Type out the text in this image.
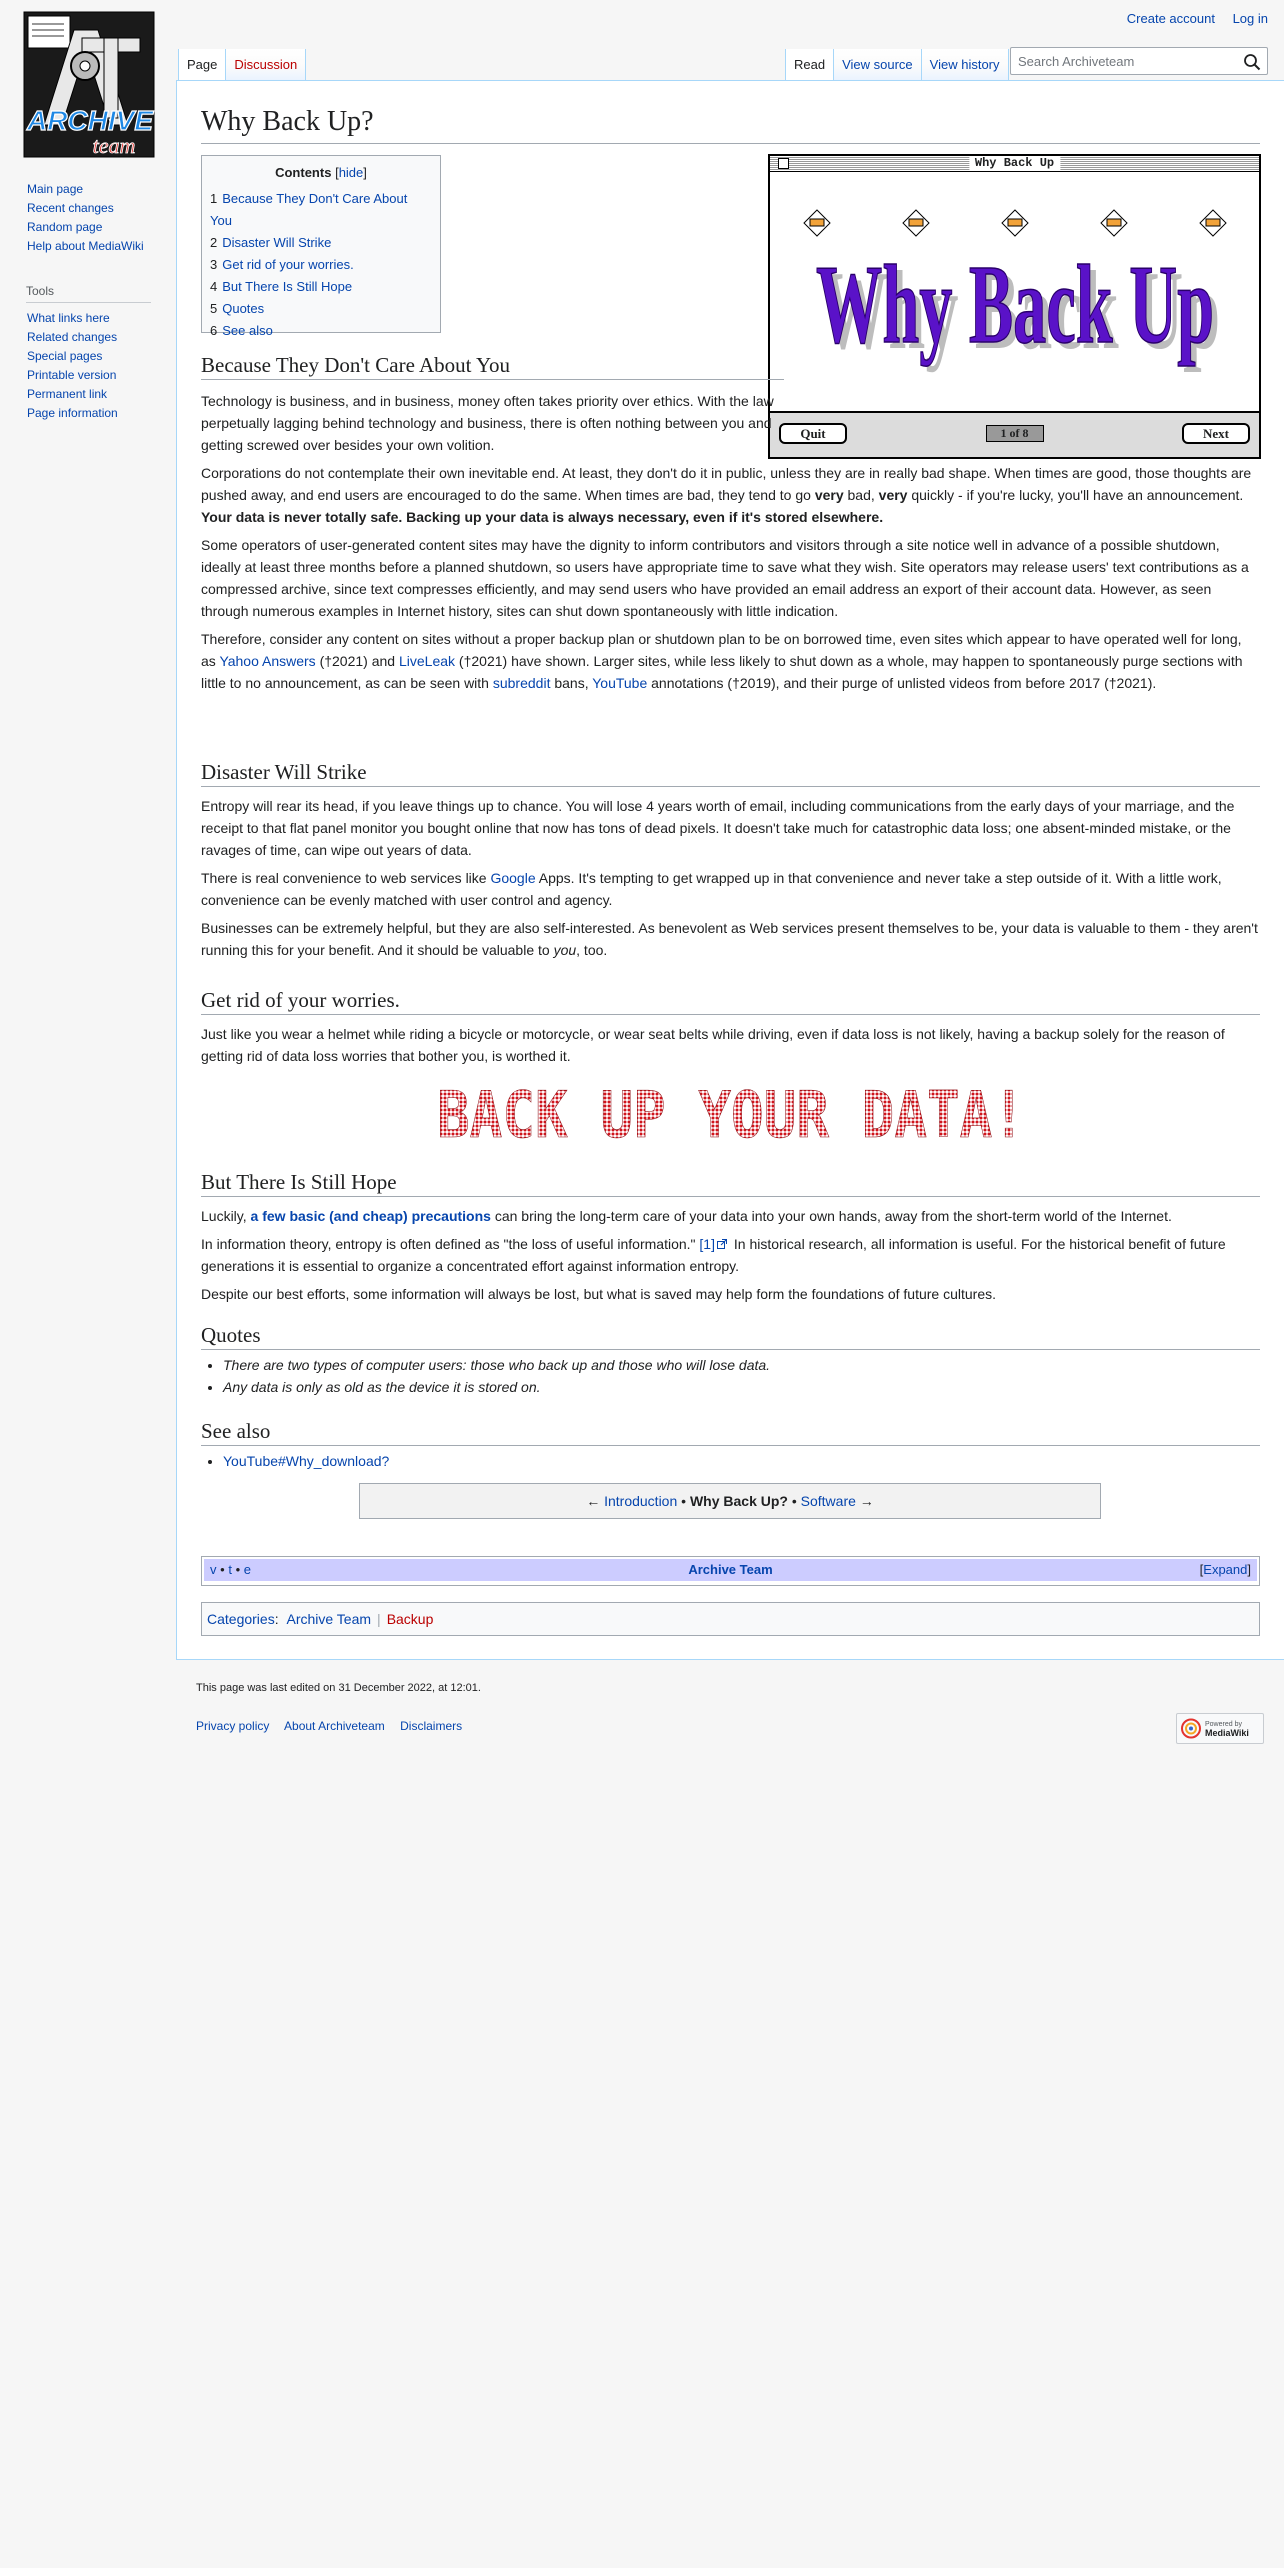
ARCHIVE
team
Create account Log in
Page	Discussion	Read	View source	View history
Search Archiveteam
Main page
Recent changes
Random page
Help about MediaWiki
Tools
What links here
Related changes
Special pages
Printable version
Permanent link
Page information
Why Back Up?
Contents [hide]
1 Because They Don't Care About You
2 Disaster Will Strike
3 Get rid of your worries.
4 But There Is Still Hope
5 Quotes
6 See also
Why Back Up
Why Back Up
Why Back Up
Quit	1 of 8	Next
Because They Don't Care About You

Technology is business, and in business, money often takes priority over ethics. With the law perpetually lagging behind technology and business, there is often nothing between you and getting screwed over besides your own volition.

Corporations do not contemplate their own inevitable end. At least, they don't do it in public, unless they are in really bad shape. When times are good, those thoughts are pushed away, and end users are encouraged to do the same. When times are bad, they tend to go very bad, very quickly - if you're lucky, you'll have an announcement. Your data is never totally safe. Backing up your data is always necessary, even if it's stored elsewhere.

Some operators of user-generated content sites may have the dignity to inform contributors and visitors through a site notice well in advance of a possible shutdown, ideally at least three months before a planned shutdown, so users have appropriate time to save what they wish. Site operators may release users' text contributions as a compressed archive, since text compresses efficiently, and may send users who have provided an email address an export of their account data. However, as seen through numerous examples in Internet history, sites can shut down spontaneously with little indication.

Therefore, consider any content on sites without a proper backup plan or shutdown plan to be on borrowed time, even sites which appear to have operated well for long, as Yahoo Answers (†2021) and LiveLeak (†2021) have shown. Larger sites, while less likely to shut down as a whole, may happen to spontaneously purge sections with little to no announcement, as can be seen with subreddit bans, YouTube annotations (†2019), and their purge of unlisted videos from before 2017 (†2021).

Disaster Will Strike

Entropy will rear its head, if you leave things up to chance. You will lose 4 years worth of email, including communications from the early days of your marriage, and the receipt to that flat panel monitor you bought online that now has tons of dead pixels. It doesn't take much for catastrophic data loss; one absent-minded mistake, or the ravages of time, can wipe out years of data.

There is real convenience to web services like Google Apps. It's tempting to get wrapped up in that convenience and never take a step outside of it. With a little work, convenience can be evenly matched with user control and agency.

Businesses can be extremely helpful, but they are also self-interested. As benevolent as Web services present themselves to be, your data is valuable to them - they aren't running this for your benefit. And it should be valuable to you, too.

Get rid of your worries.

Just like you wear a helmet while riding a bicycle or motorcycle, or wear seat belts while driving, even if data loss is not likely, having a backup solely for the reason of getting rid of data loss worries that bother you, is worthed it.

BACK UP YOUR DATA!
But There Is Still Hope

Luckily, a few basic (and cheap) precautions can bring the long-term care of your data into your own hands, away from the short-term world of the Internet.

In information theory, entropy is often defined as "the loss of useful information." [1] In historical research, all information is useful. For the historical benefit of future generations it is essential to organize a concentrated effort against information entropy.

Despite our best efforts, some information will always be lost, but what is saved may help form the foundations of future cultures.

Quotes
• There are two types of computer users: those who back up and those who will lose data.
• Any data is only as old as the device it is stored on.
See also
• YouTube#Why_download?
← Introduction • Why Back Up? • Software →
v • t • e	Archive Team	[Expand]
Categories: Archive Team | Backup
This page was last edited on 31 December 2022, at 12:01.
Privacy policy About Archiveteam Disclaimers	Powered by
MediaWiki
